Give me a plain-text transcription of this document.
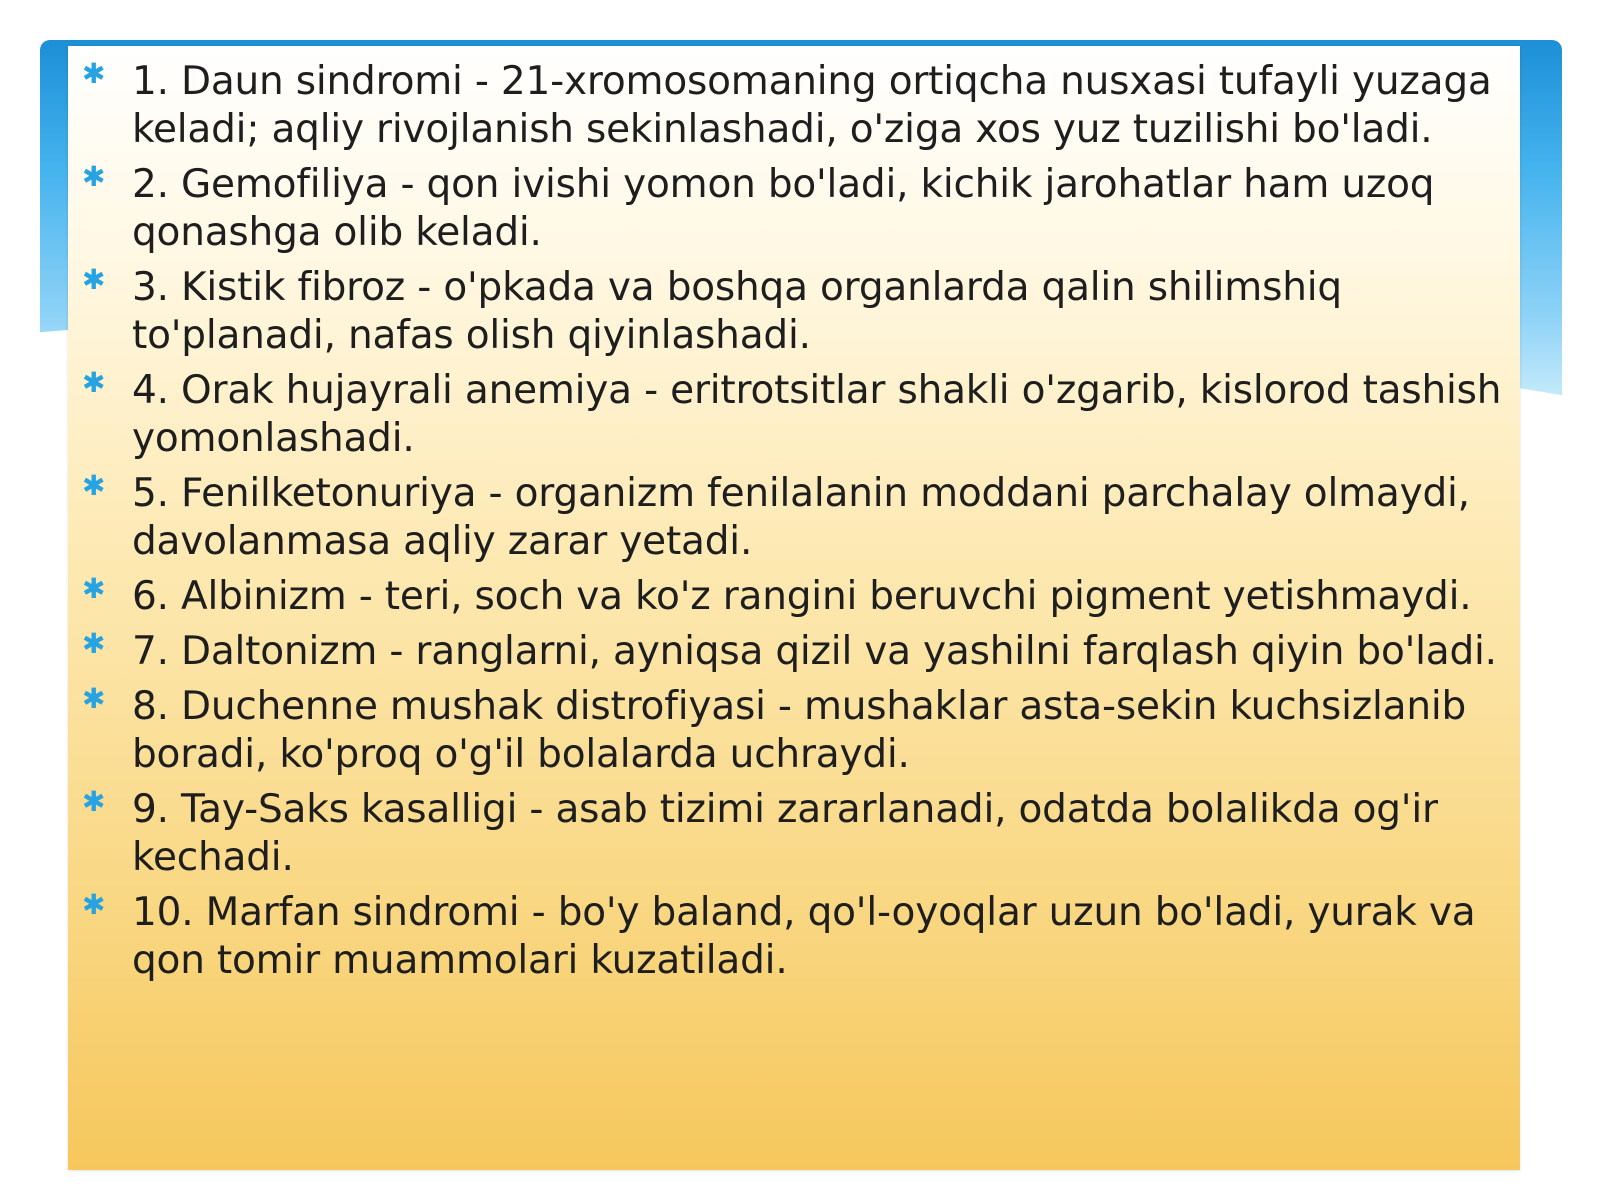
✱ 1. Daun sindromi - 21-xromosomaning ortiqcha nusxasi tufayli yuzaga keladi; aqliy rivojlanish sekinlashadi, o'ziga xos yuz tuzilishi bo'ladi.
✱ 2. Gemofiliya - qon ivishi yomon bo'ladi, kichik jarohatlar ham uzoq qonashga olib keladi.
✱ 3. Kistik fibroz - o'pkada va boshqa organlarda qalin shilimshiq to'planadi, nafas olish qiyinlashadi.
✱ 4. Orak hujayrali anemiya - eritrotsitlar shakli o'zgarib, kislorod tashish yomonlashadi.
✱ 5. Fenilketonuriya - organizm fenilalanin moddani parchalay olmaydi, davolanmasa aqliy zarar yetadi.
✱ 6. Albinizm - teri, soch va ko'z rangini beruvchi pigment yetishmaydi.
✱ 7. Daltonizm - ranglarni, ayniqsa qizil va yashilni farqlash qiyin bo'ladi.
✱ 8. Duchenne mushak distrofiyasi - mushaklar asta-sekin kuchsizlanib boradi, ko'proq o'g'il bolalarda uchraydi.
✱ 9. Tay-Saks kasalligi - asab tizimi zararlanadi, odatda bolalikda og'ir kechadi.
✱ 10. Marfan sindromi - bo'y baland, qo'l-oyoqlar uzun bo'ladi, yurak va qon tomir muammolari kuzatiladi.
